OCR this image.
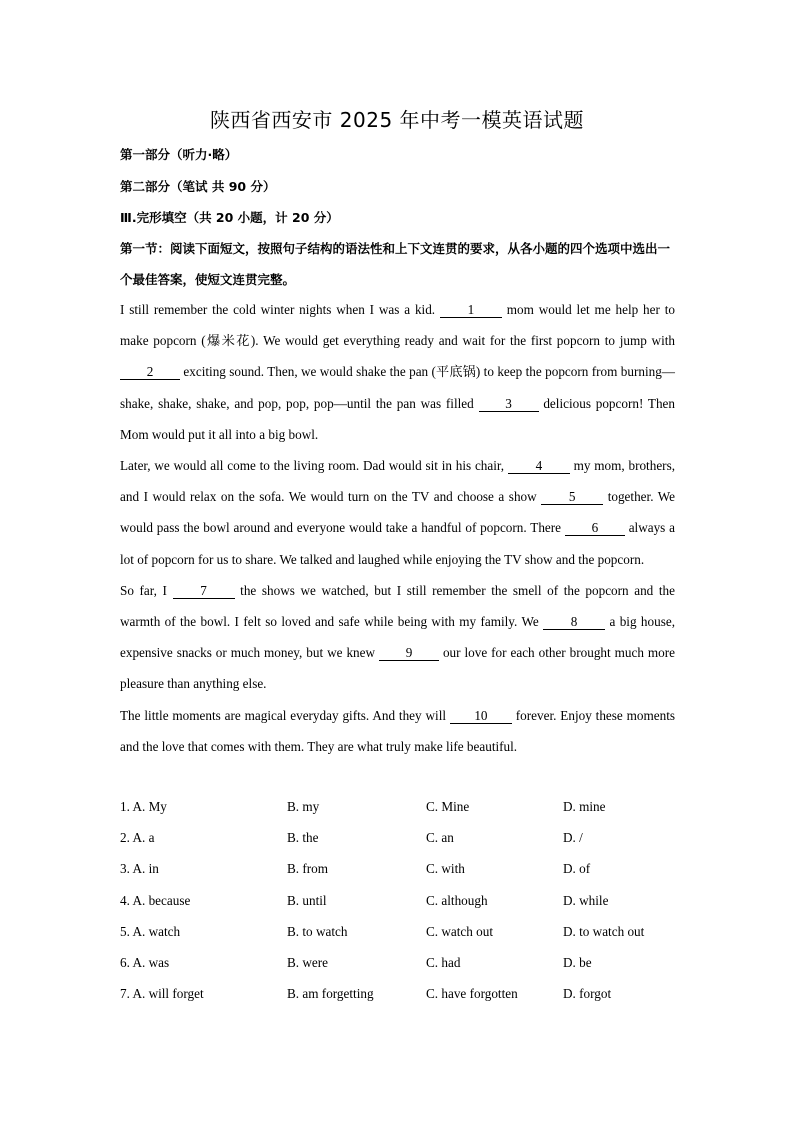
陕西省西安市 2025 年中考一模英语试题
第一部分（听力·略）
第二部分（笔试 共 90 分）
Ⅲ.完形填空（共 20 小题，计 20 分）
第一节：阅读下面短文，按照句子结构的语法性和上下文连贯的要求，从各小题的四个选项中选出一个最佳答案，使短文连贯完整。

I still remember the cold winter nights when I was a kid. 1 mom would let me help her to make popcorn (爆米花). We would get everything ready and wait for the first popcorn to jump with 2 exciting sound. Then, we would shake the pan (平底锅) to keep the popcorn from burning— shake, shake, shake, and pop, pop, pop—until the pan was filled 3 delicious popcorn! Then Mom would put it all into a big bowl.

Later, we would all come to the living room. Dad would sit in his chair, 4 my mom, brothers, and I would relax on the sofa. We would turn on the TV and choose a show 5 together. We would pass the bowl around and everyone would take a handful of popcorn. There 6 always a lot of popcorn for us to share. We talked and laughed while enjoying the TV show and the popcorn.

So far, I 7 the shows we watched, but I still remember the smell of the popcorn and the warmth of the bowl. I felt so loved and safe while being with my family. We 8 a big house, expensive snacks or much money, but we knew 9 our love for each other brought much more pleasure than anything else.

The little moments are magical everyday gifts. And they will 10 forever. Enjoy these moments and the love that comes with them. They are what truly make life beautiful.

1. A. My	B. my	C. Mine	D. mine
2. A. a	B. the	C. an	D. /
3. A. in	B. from	C. with	D. of
4. A. because	B. until	C. although	D. while
5. A. watch	B. to watch	C. watch out	D. to watch out
6. A. was	B. were	C. had	D. be
7. A. will forget	B. am forgetting	C. have forgotten	D. forgot
